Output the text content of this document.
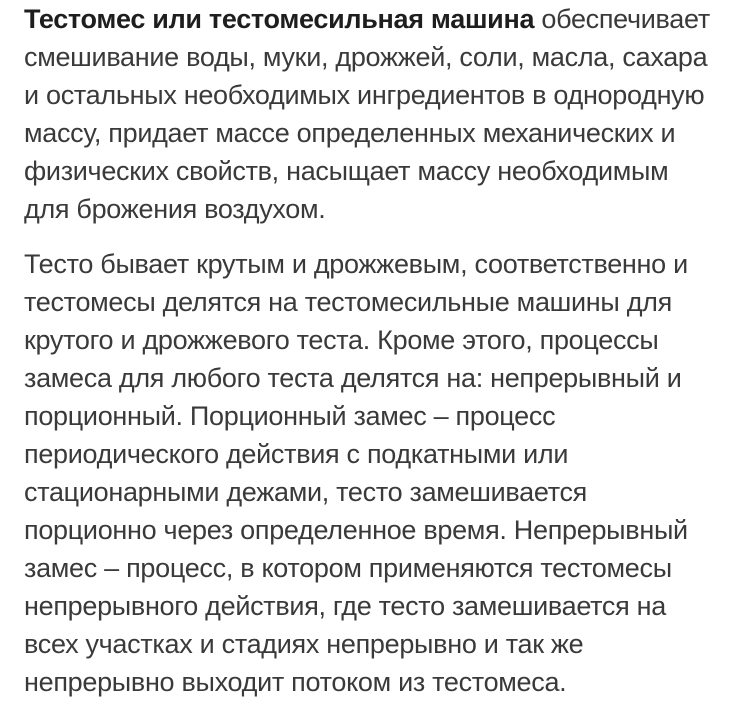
Тестомес или тестомесильная машина обеспечивает
смешивание воды, муки, дрожжей, соли, масла, сахара
и остальных необходимых ингредиентов в однородную
массу, придает массе определенных механических и
физических свойств, насыщает массу необходимым
для брожения воздухом.
Тесто бывает крутым и дрожжевым, соответственно и
тестомесы делятся на тестомесильные машины для
крутого и дрожжевого теста. Кроме этого, процессы
замеса для любого теста делятся на: непрерывный и
порционный. Порционный замес – процесс
периодического действия с подкатными или
стационарными дежами, тесто замешивается
порционно через определенное время. Непрерывный
замес – процесс, в котором применяются тестомесы
непрерывного действия, где тесто замешивается на
всех участках и стадиях непрерывно и так же
непрерывно выходит потоком из тестомеса.
